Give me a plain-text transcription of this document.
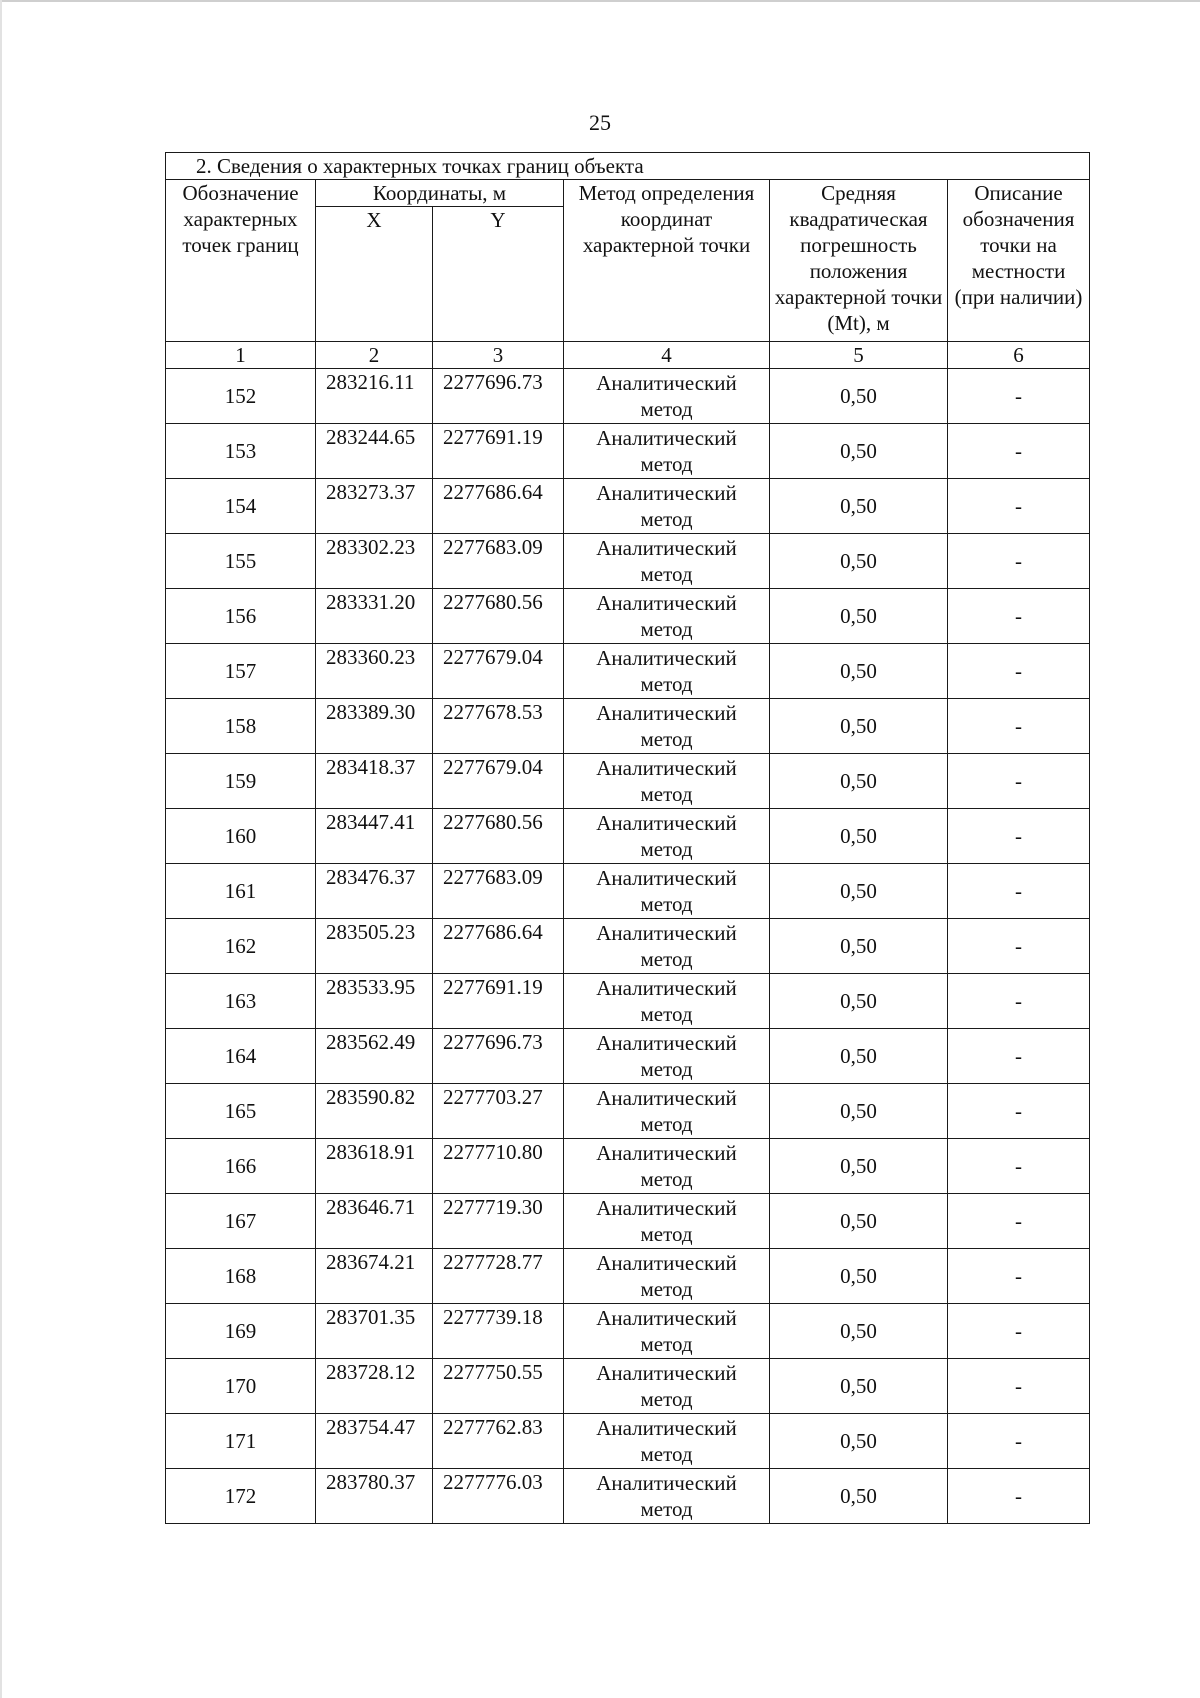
25
2. Сведения о характерных точках границ объекта					
Обозначение характерных точек границ	Координаты, м		Метод определения координат характерной точки	Средняя квадратическая погрешность положения характерной точки (Mt), м	Описание обозначения точки на местности (при наличии)
	X	Y			
1	2	3	4	5	6
152	283216.11	2277696.73	Аналитический метод	0,50	-
153	283244.65	2277691.19	Аналитический метод	0,50	-
154	283273.37	2277686.64	Аналитический метод	0,50	-
155	283302.23	2277683.09	Аналитический метод	0,50	-
156	283331.20	2277680.56	Аналитический метод	0,50	-
157	283360.23	2277679.04	Аналитический метод	0,50	-
158	283389.30	2277678.53	Аналитический метод	0,50	-
159	283418.37	2277679.04	Аналитический метод	0,50	-
160	283447.41	2277680.56	Аналитический метод	0,50	-
161	283476.37	2277683.09	Аналитический метод	0,50	-
162	283505.23	2277686.64	Аналитический метод	0,50	-
163	283533.95	2277691.19	Аналитический метод	0,50	-
164	283562.49	2277696.73	Аналитический метод	0,50	-
165	283590.82	2277703.27	Аналитический метод	0,50	-
166	283618.91	2277710.80	Аналитический метод	0,50	-
167	283646.71	2277719.30	Аналитический метод	0,50	-
168	283674.21	2277728.77	Аналитический метод	0,50	-
169	283701.35	2277739.18	Аналитический метод	0,50	-
170	283728.12	2277750.55	Аналитический метод	0,50	-
171	283754.47	2277762.83	Аналитический метод	0,50	-
172	283780.37	2277776.03	Аналитический метод	0,50	-
